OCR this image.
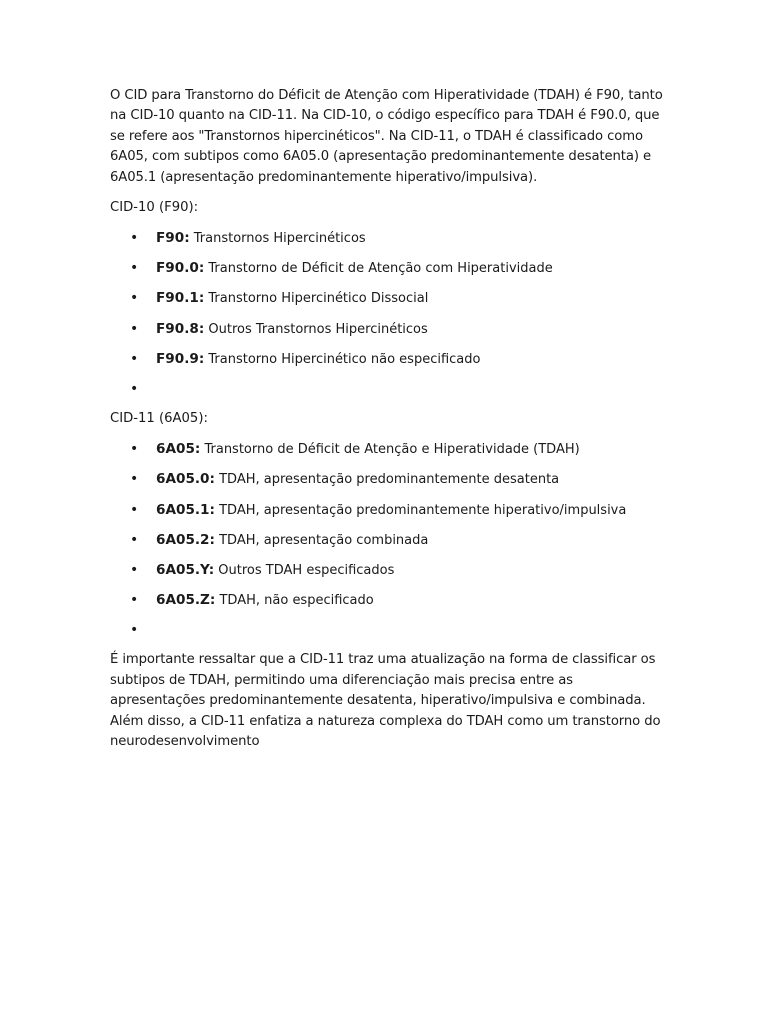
O CID para Transtorno do Déficit de Atenção com Hiperatividade (TDAH) é F90, tanto na CID-10 quanto na CID-11. Na CID-10, o código específico para TDAH é F90.0, que se refere aos "Transtornos hipercinéticos". Na CID-11, o TDAH é classificado como 6A05, com subtipos como 6A05.0 (apresentação predominantemente desatenta) e 6A05.1 (apresentação predominantemente hiperativo/impulsiva).

CID-10 (F90):

• F90: Transtornos Hipercinéticos
• F90.0: Transtorno de Déficit de Atenção com Hiperatividade
• F90.1: Transtorno Hipercinético Dissocial
• F90.8: Outros Transtornos Hipercinéticos
• F90.9: Transtorno Hipercinético não especificado
•

CID-11 (6A05):

• 6A05: Transtorno de Déficit de Atenção e Hiperatividade (TDAH)
• 6A05.0: TDAH, apresentação predominantemente desatenta
• 6A05.1: TDAH, apresentação predominantemente hiperativo/impulsiva
• 6A05.2: TDAH, apresentação combinada
• 6A05.Y: Outros TDAH especificados
• 6A05.Z: TDAH, não especificado
•

É importante ressaltar que a CID-11 traz uma atualização na forma de classificar os subtipos de TDAH, permitindo uma diferenciação mais precisa entre as apresentações predominantemente desatenta, hiperativo/impulsiva e combinada. Além disso, a CID-11 enfatiza a natureza complexa do TDAH como um transtorno do neurodesenvolvimento
